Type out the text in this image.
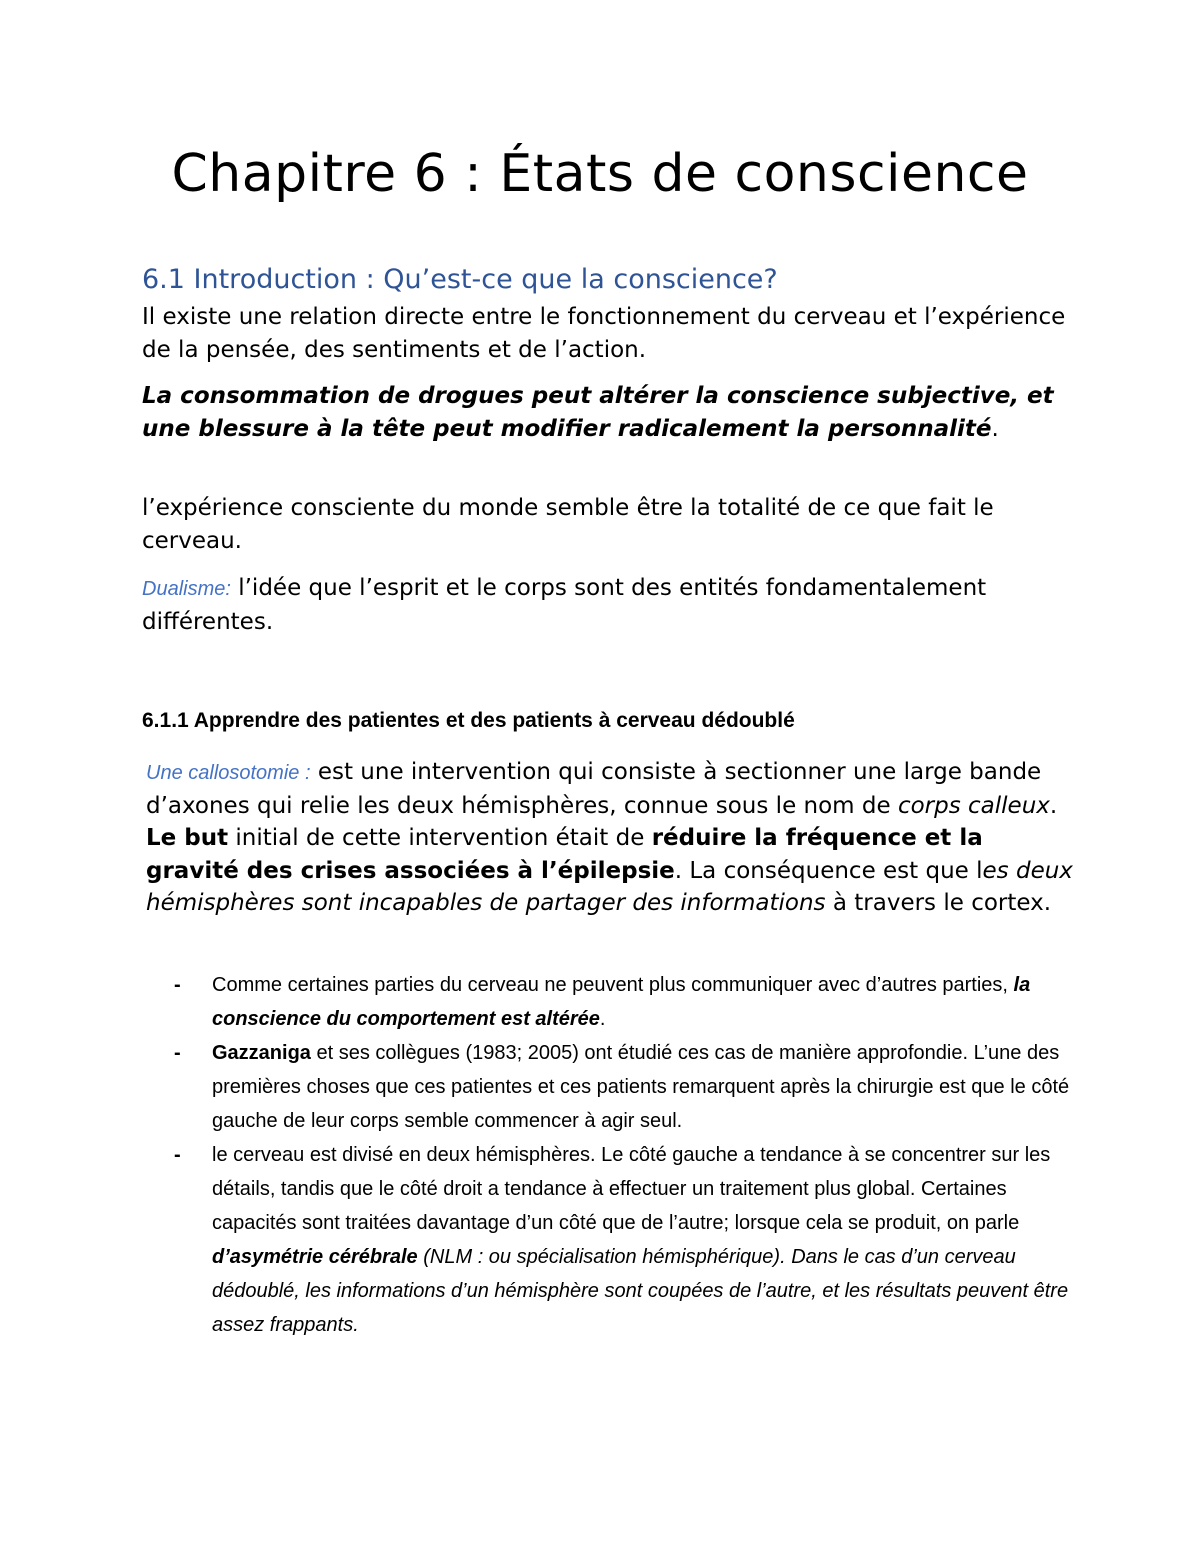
Chapitre 6 : États de conscience
6.1 Introduction : Qu’est-ce que la conscience?

Il existe une relation directe entre le fonctionnement du cerveau et l’expérience de la pensée, des sentiments et de l’action.

La consommation de drogues peut altérer la conscience subjective, et une blessure à la tête peut modifier radicalement la personnalité.

l’expérience consciente du monde semble être la totalité de ce que fait le cerveau.

Dualisme: l’idée que l’esprit et le corps sont des entités fondamentalement différentes.

6.1.1 Apprendre des patientes et des patients à cerveau dédoublé

Une callosotomie : est une intervention qui consiste à sectionner une large bande d’axones qui relie les deux hémisphères, connue sous le nom de corps calleux. Le but initial de cette intervention était de réduire la fréquence et la gravité des crises associées à l’épilepsie. La conséquence est que les deux hémisphères sont incapables de partager des informations à travers le cortex.

- Comme certaines parties du cerveau ne peuvent plus communiquer avec d’autres parties, la conscience du comportement est altérée.
- Gazzaniga et ses collègues (1983; 2005) ont étudié ces cas de manière approfondie. L’une des premières choses que ces patientes et ces patients remarquent après la chirurgie est que le côté gauche de leur corps semble commencer à agir seul.
- le cerveau est divisé en deux hémisphères. Le côté gauche a tendance à se concentrer sur les détails, tandis que le côté droit a tendance à effectuer un traitement plus global. Certaines capacités sont traitées davantage d’un côté que de l’autre; lorsque cela se produit, on parle d’asymétrie cérébrale (NLM : ou spécialisation hémisphérique). Dans le cas d’un cerveau dédoublé, les informations d’un hémisphère sont coupées de l’autre, et les résultats peuvent être assez frappants.
